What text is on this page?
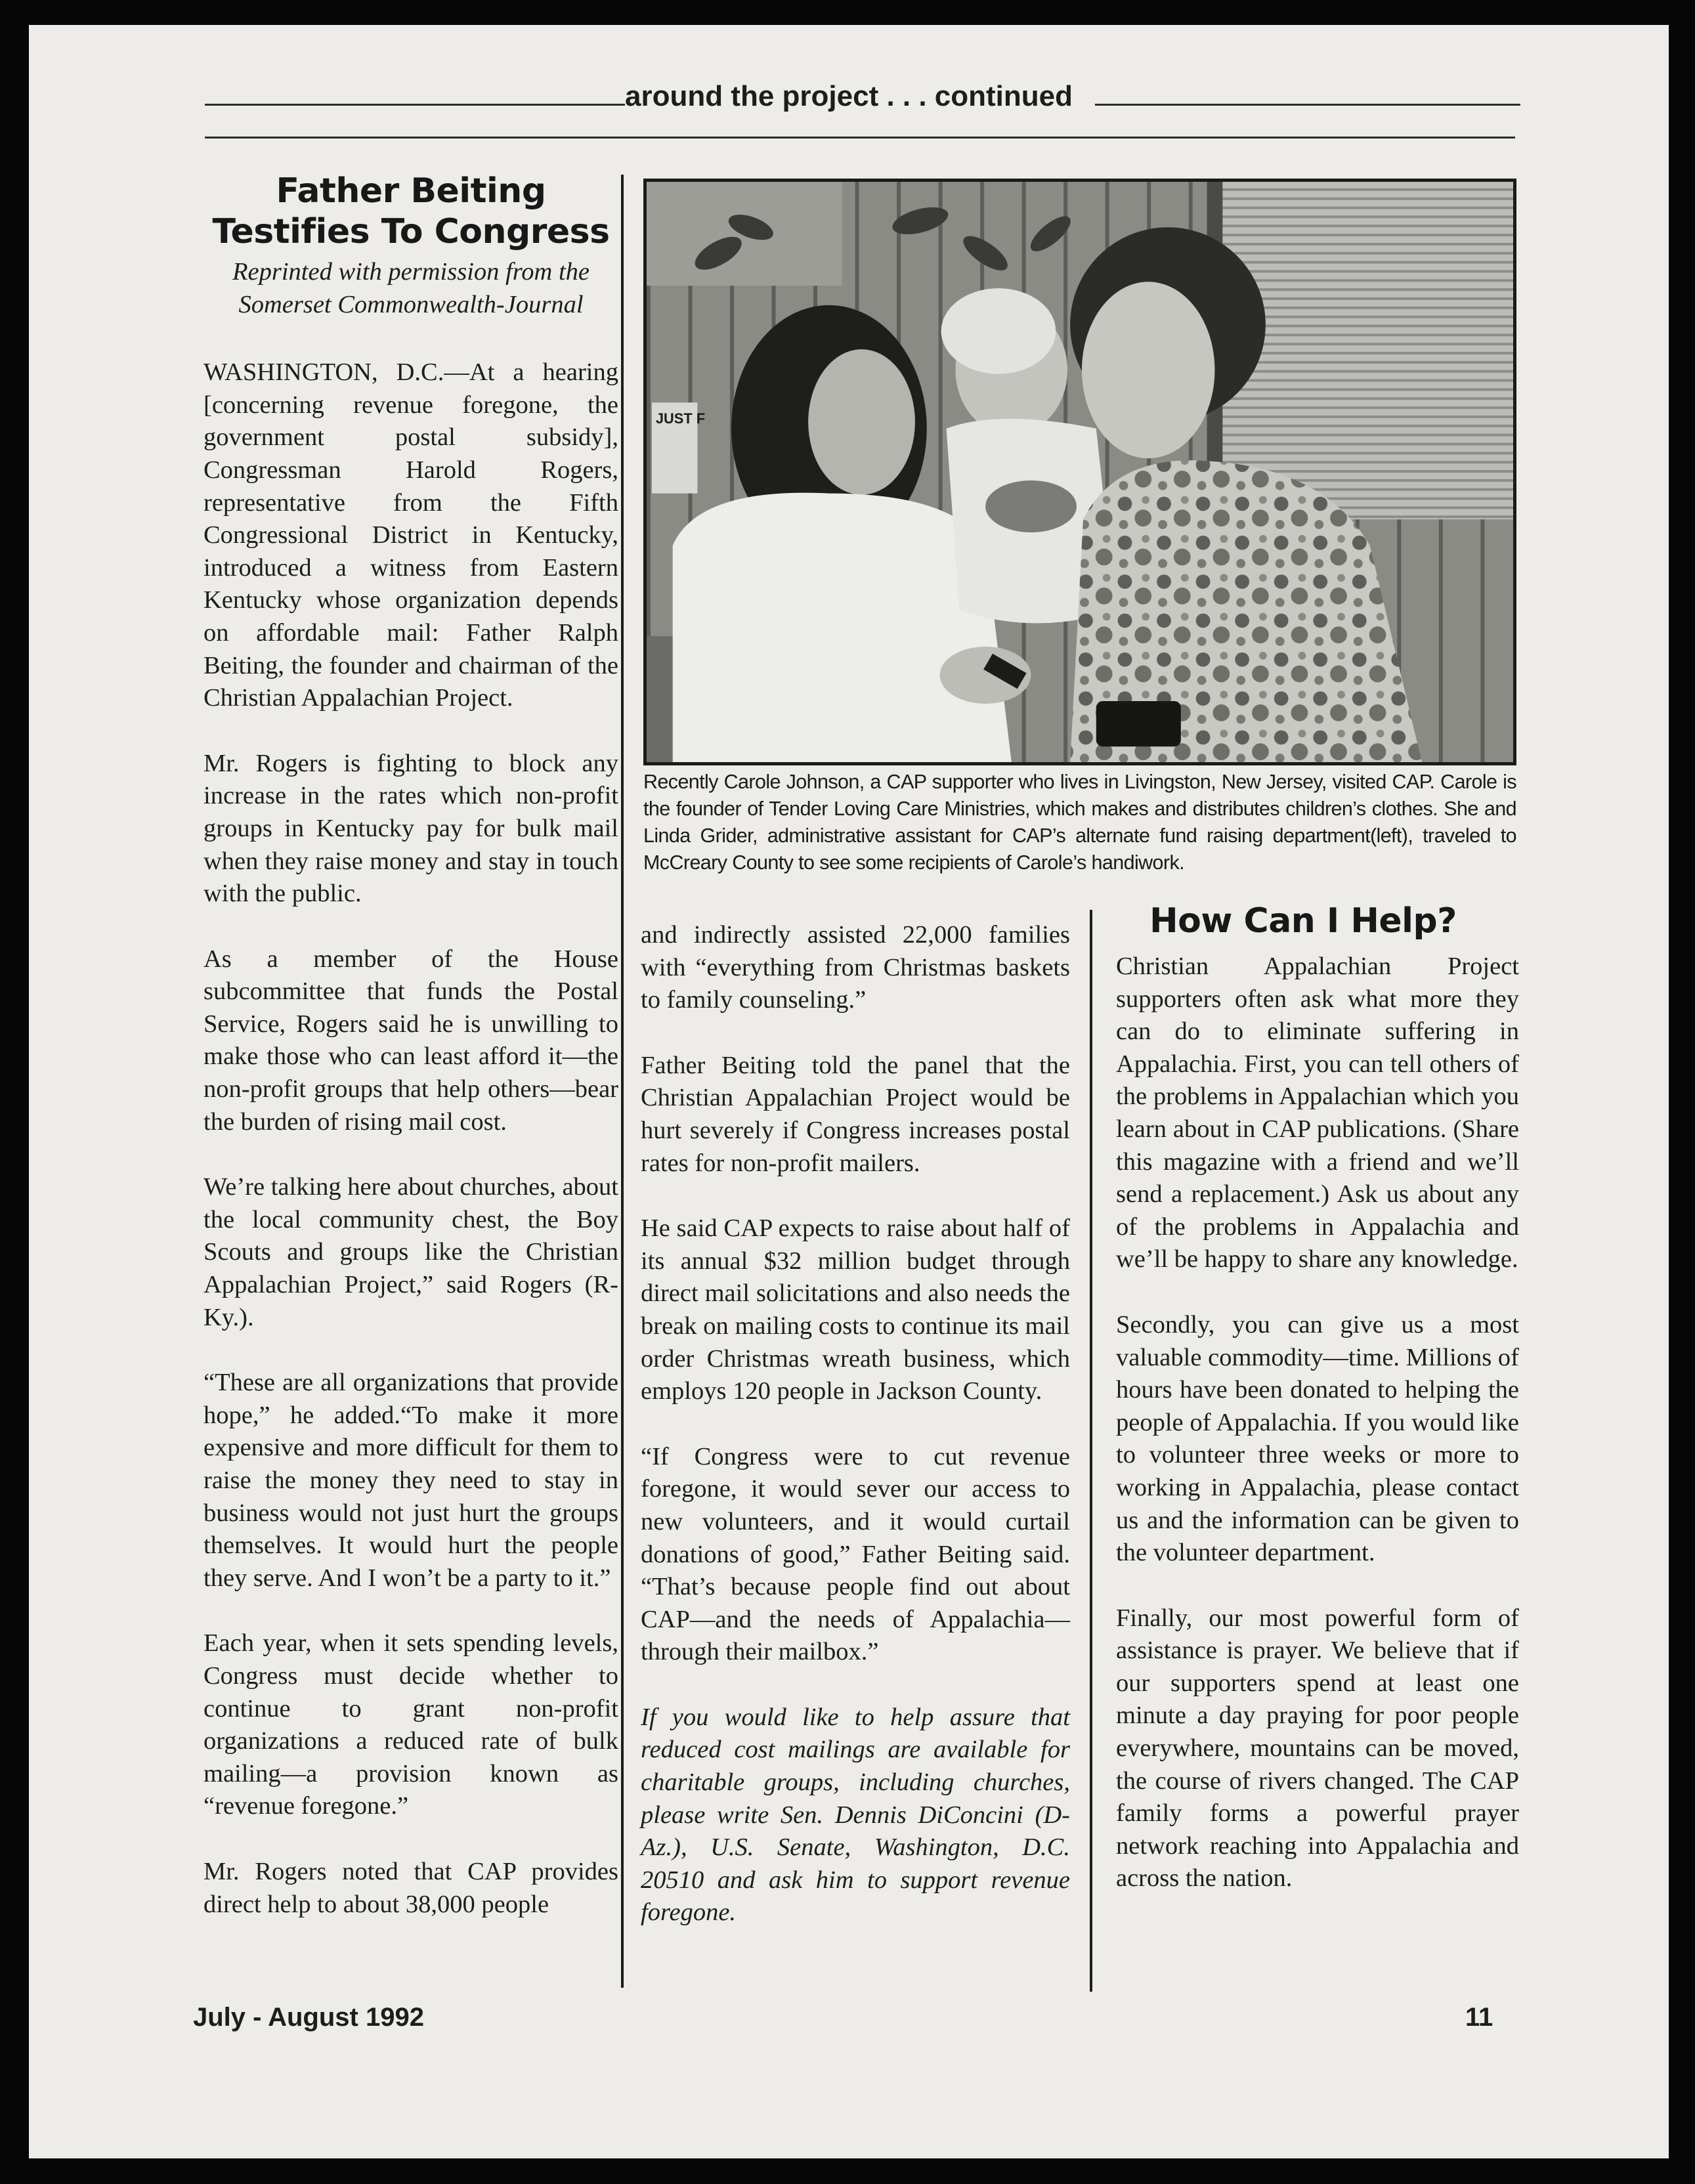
around the project . . . continued
Father Beiting
Testifies To Congress

Reprinted with permission from the
Somerset Commonwealth-Journal

WASHINGTON, D.C.—At a hearing [concerning revenue foregone, the government postal subsidy], Congressman Harold Rogers, representative from the Fifth Congressional District in Kentucky, introduced a witness from Eastern Kentucky whose organization depends on affordable mail: Father Ralph Beiting, the founder and chairman of the Christian Appalachian Project.

Mr. Rogers is fighting to block any increase in the rates which non-profit groups in Kentucky pay for bulk mail when they raise money and stay in touch with the public.

As a member of the House subcommittee that funds the Postal Service, Rogers said he is unwilling to make those who can least afford it—the non-profit groups that help others—bear the burden of rising mail cost.

We’re talking here about churches, about the local community chest, the Boy Scouts and groups like the Christian Appalachian Project,” said Rogers (R-Ky.).

“These are all organizations that provide hope,” he added.“To make it more expensive and more difficult for them to raise the money they need to stay in business would not just hurt the groups themselves. It would hurt the people they serve. And I won’t be a party to it.”

Each year, when it sets spending levels, Congress must decide whether to continue to grant non-profit organizations a reduced rate of bulk mailing—a provision known as “revenue foregone.”

Mr. Rogers noted that CAP provides direct help to about 38,000 people

JUST F
Recently Carole Johnson, a CAP supporter who lives in Livingston, New Jersey, visited CAP. Carole is the founder of Tender Loving Care Ministries, which makes and distributes children’s clothes. She and Linda Grider, administrative assistant for CAP’s alternate fund raising department(left), traveled to McCreary County to see some recipients of Carole’s handiwork.

and indirectly assisted 22,000 families with “everything from Christmas baskets to family counseling.”

Father Beiting told the panel that the Christian Appalachian Project would be hurt severely if Congress increases postal rates for non-profit mailers.

He said CAP expects to raise about half of its annual $32 million budget through direct mail solicitations and also needs the break on mailing costs to continue its mail order Christmas wreath business, which employs 120 people in Jackson County.

“If Congress were to cut revenue foregone, it would sever our access to new volunteers, and it would curtail donations of good,” Father Beiting said. “That’s because people find out about CAP—and the needs of Appalachia—through their mailbox.”

If you would like to help assure that reduced cost mailings are available for charitable groups, including churches, please write Sen. Dennis DiConcini (D-Az.), U.S. Senate, Washington, D.C. 20510 and ask him to support revenue foregone.

How Can I Help?

Christian Appalachian Project supporters often ask what more they can do to eliminate suffering in Appalachia. First, you can tell others of the problems in Appalachian which you learn about in CAP publications. (Share this magazine with a friend and we’ll send a replacement.) Ask us about any of the problems in Appalachia and we’ll be happy to share any knowledge.

Secondly, you can give us a most valuable commodity—time. Millions of hours have been donated to helping the people of Appalachia. If you would like to volunteer three weeks or more to working in Appalachia, please contact us and the information can be given to the volunteer department.

Finally, our most powerful form of assistance is prayer. We believe that if our supporters spend at least one minute a day praying for poor people everywhere, mountains can be moved, the course of rivers changed. The CAP family forms a powerful prayer network reaching into Appalachia and across the nation.

July - August 1992	11
